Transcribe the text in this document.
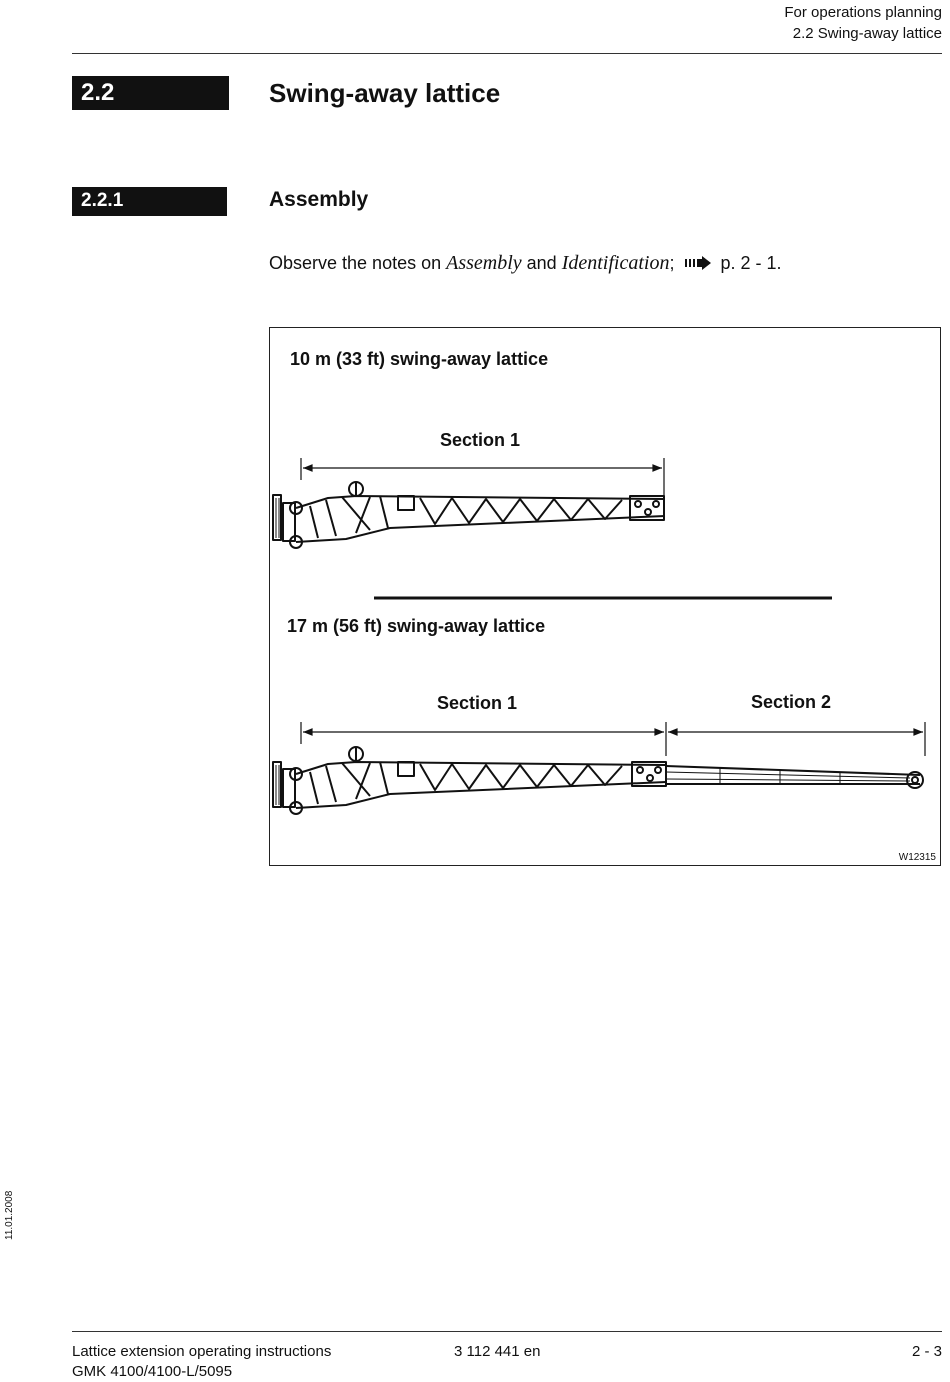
For operations planning
2.2 Swing-away lattice
2.2	Swing-away lattice
2.2.1	Assembly
Observe the notes on Assembly and Identification;	p. 2 - 1.
10 m (33 ft) swing-away lattice
Section 1
17 m (56 ft) swing-away lattice
Section 1	Section 2
W12315
11.01.2008
Lattice extension operating instructions
GMK 4100/4100-L/5095
3 112 441 en	2 - 3
